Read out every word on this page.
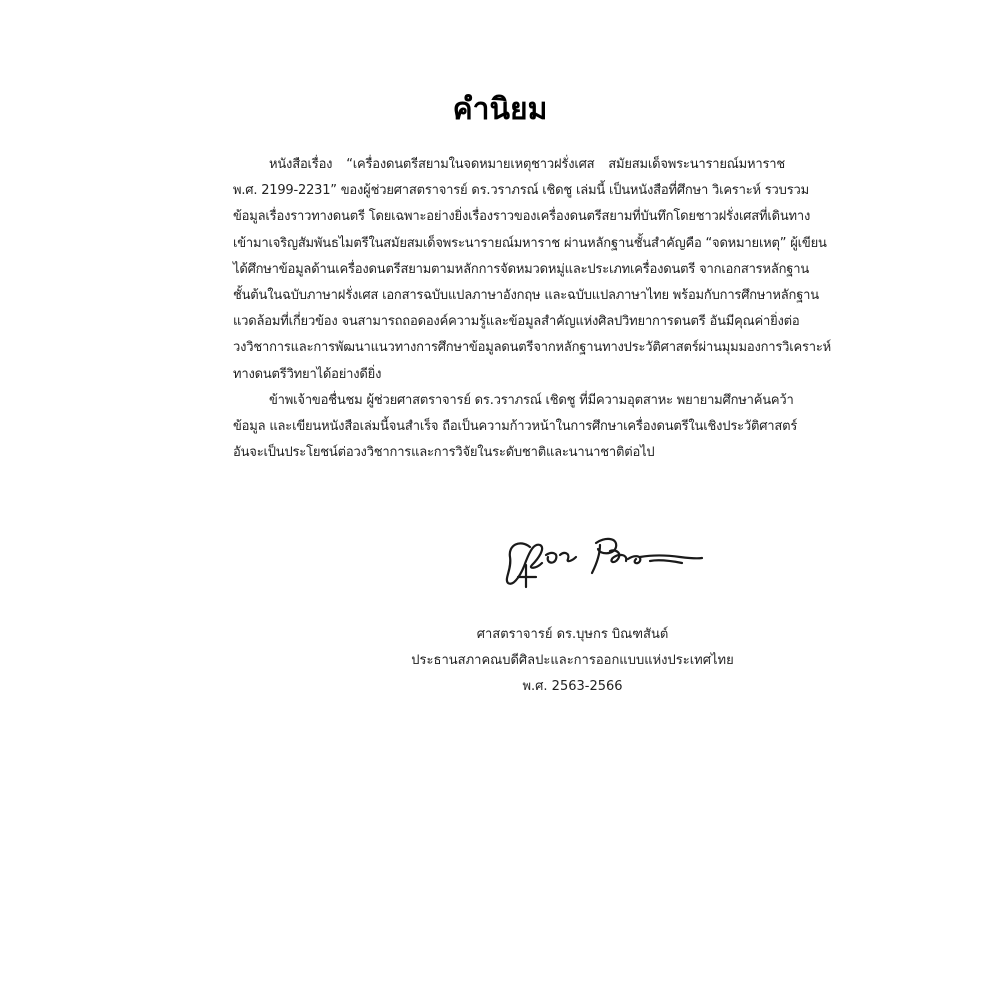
คำนิยม
หนังสือเรื่อง “เครื่องดนตรีสยามในจดหมายเหตุชาวฝรั่งเศส สมัยสมเด็จพระนารายณ์มหาราช
พ.ศ. 2199-2231” ของผู้ช่วยศาสตราจารย์ ดร.วราภรณ์ เชิดชู เล่มนี้ เป็นหนังสือที่ศึกษา วิเคราะห์ รวบรวม
ข้อมูลเรื่องราวทางดนตรี โดยเฉพาะอย่างยิ่งเรื่องราวของเครื่องดนตรีสยามที่บันทึกโดยชาวฝรั่งเศสที่เดินทาง
เข้ามาเจริญสัมพันธไมตรีในสมัยสมเด็จพระนารายณ์มหาราช ผ่านหลักฐานชั้นสำคัญคือ “จดหมายเหตุ” ผู้เขียน
ได้ศึกษาข้อมูลด้านเครื่องดนตรีสยามตามหลักการจัดหมวดหมู่และประเภทเครื่องดนตรี จากเอกสารหลักฐาน
ชั้นต้นในฉบับภาษาฝรั่งเศส เอกสารฉบับแปลภาษาอังกฤษ และฉบับแปลภาษาไทย พร้อมกับการศึกษาหลักฐาน
แวดล้อมที่เกี่ยวข้อง จนสามารถถอดองค์ความรู้และข้อมูลสำคัญแห่งศิลปวิทยาการดนตรี อันมีคุณค่ายิ่งต่อ
วงวิชาการและการพัฒนาแนวทางการศึกษาข้อมูลดนตรีจากหลักฐานทางประวัติศาสตร์ผ่านมุมมองการวิเคราะห์
ทางดนตรีวิทยาได้อย่างดียิ่ง
ข้าพเจ้าขอชื่นชม ผู้ช่วยศาสตราจารย์ ดร.วราภรณ์ เชิดชู ที่มีความอุตสาหะ พยายามศึกษาค้นคว้า
ข้อมูล และเขียนหนังสือเล่มนี้จนสำเร็จ ถือเป็นความก้าวหน้าในการศึกษาเครื่องดนตรีในเชิงประวัติศาสตร์
อันจะเป็นประโยชน์ต่อวงวิชาการและการวิจัยในระดับชาติและนานาชาติต่อไป
ศาสตราจารย์ ดร.บุษกร บิณฑสันต์
ประธานสภาคณบดีศิลปะและการออกแบบแห่งประเทศไทย
พ.ศ. 2563-2566
